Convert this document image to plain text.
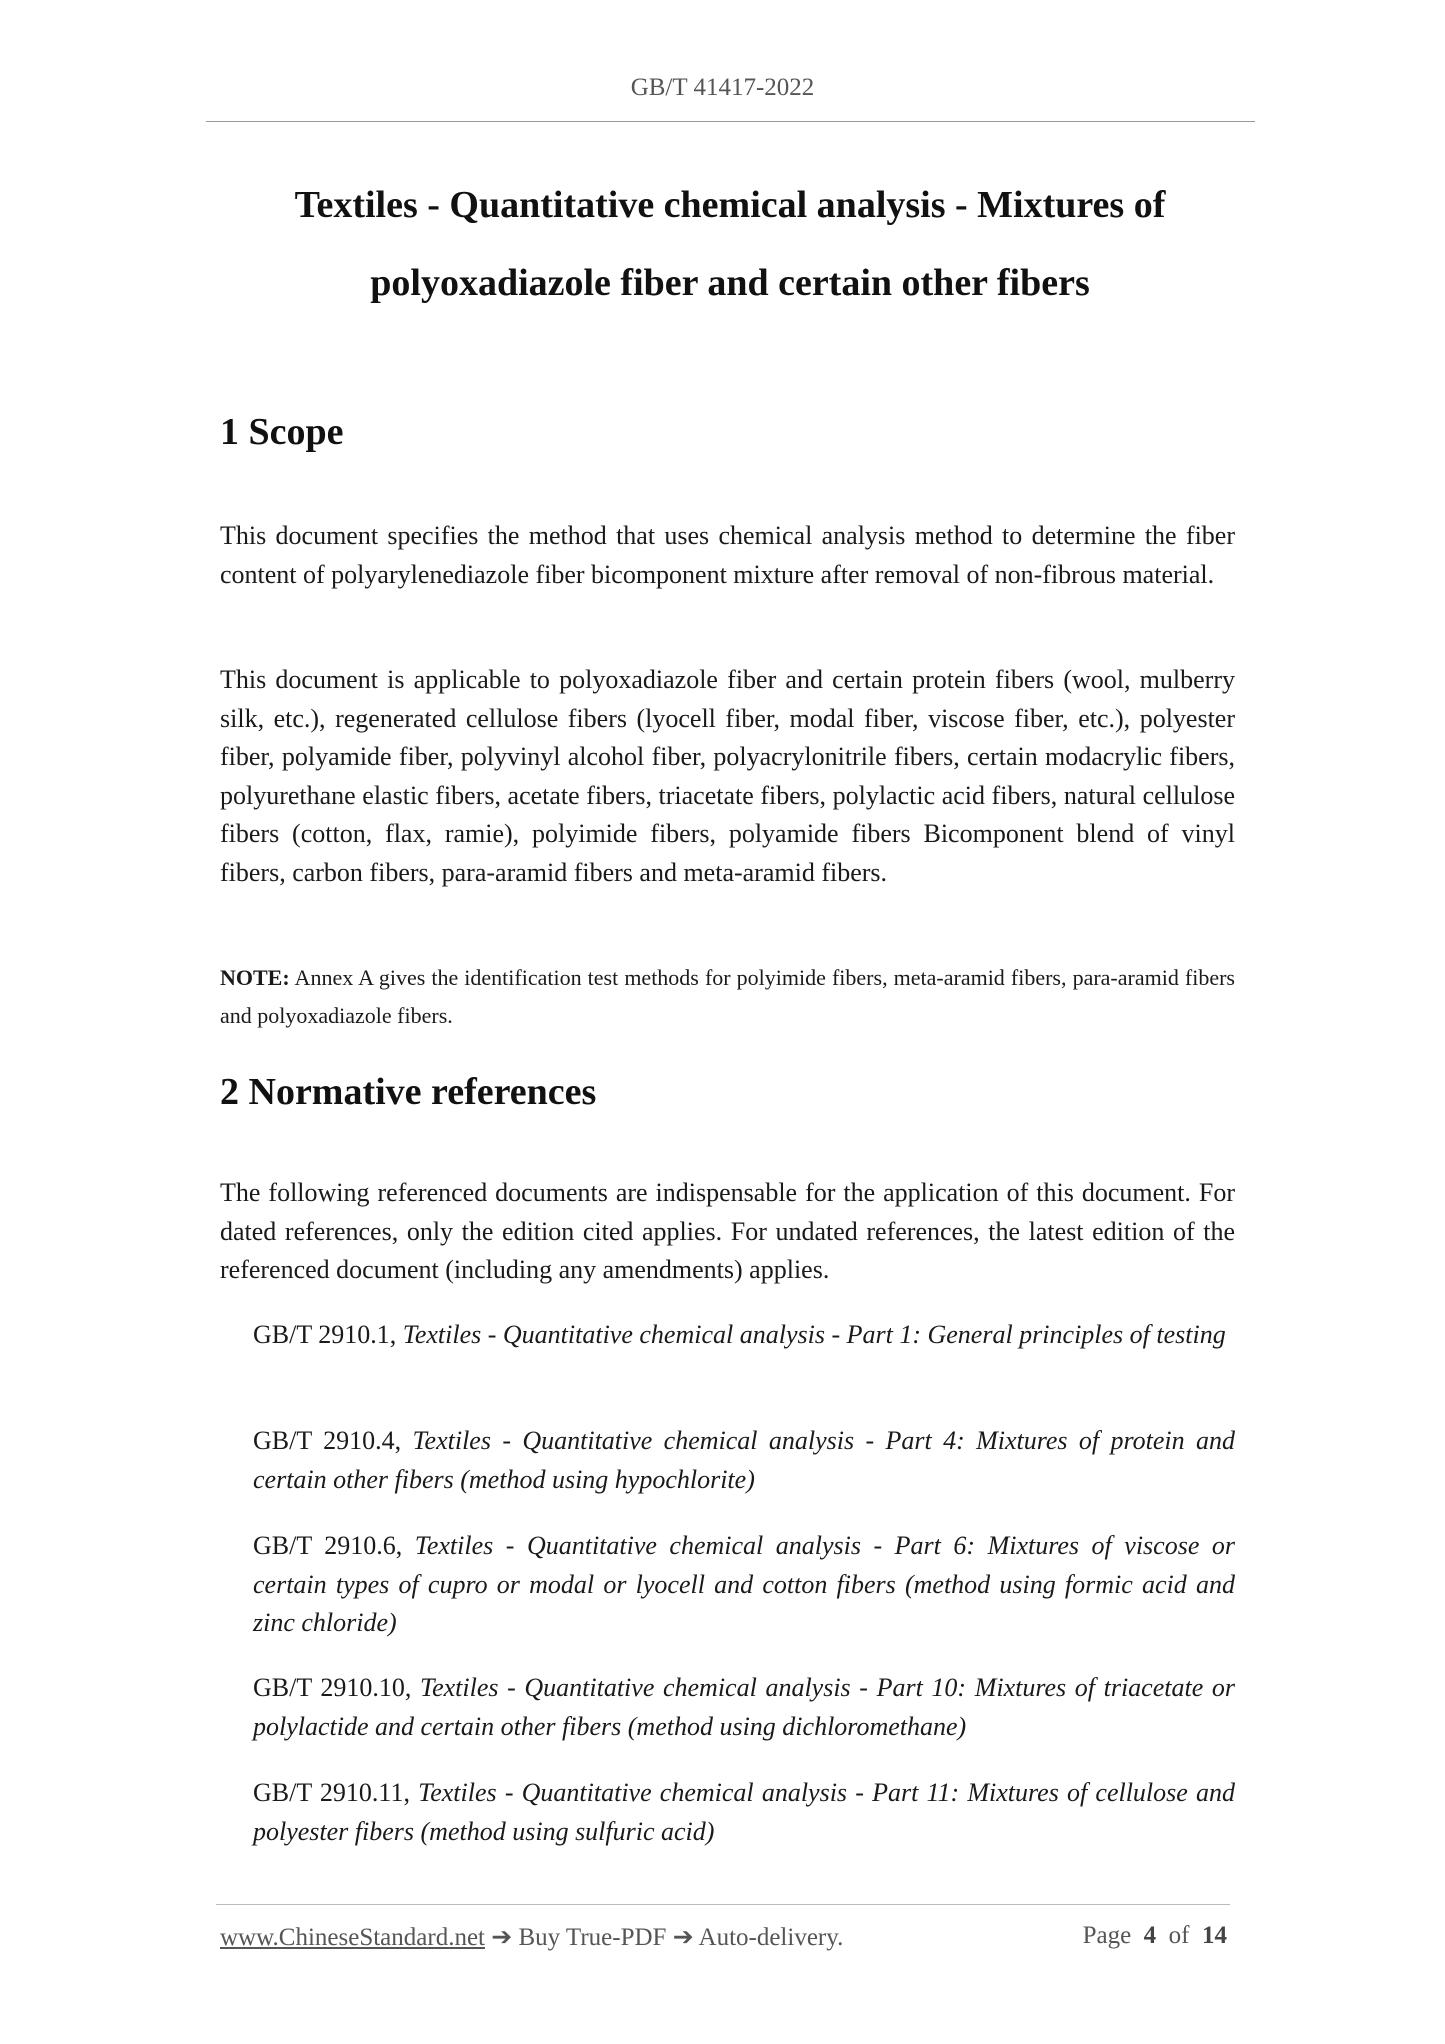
GB/T 41417-2022
Textiles - Quantitative chemical analysis - Mixtures of
polyoxadiazole fiber and certain other fibers
1 Scope

This document specifies the method that uses chemical analysis method to determine the fiber content of polyarylenediazole fiber bicomponent mixture after removal of non-fibrous material.

This document is applicable to polyoxadiazole fiber and certain protein fibers (wool, mulberry silk, etc.), regenerated cellulose fibers (lyocell fiber, modal fiber, viscose fiber, etc.), polyester fiber, polyamide fiber, polyvinyl alcohol fiber, polyacrylonitrile fibers, certain modacrylic fibers, polyurethane elastic fibers, acetate fibers, triacetate fibers, polylactic acid fibers, natural cellulose fibers (cotton, flax, ramie), polyimide fibers, polyamide fibers Bicomponent blend of vinyl fibers, carbon fibers, para-aramid fibers and meta-aramid fibers.

NOTE: Annex A gives the identification test methods for polyimide fibers, meta-aramid fibers, para-aramid fibers and polyoxadiazole fibers.

2 Normative references

The following referenced documents are indispensable for the application of this document. For dated references, only the edition cited applies. For undated references, the latest edition of the referenced document (including any amendments) applies.

GB/T 2910.1, Textiles - Quantitative chemical analysis - Part 1: General principles of testing

GB/T 2910.4, Textiles - Quantitative chemical analysis - Part 4: Mixtures of protein and certain other fibers (method using hypochlorite)

GB/T 2910.6, Textiles - Quantitative chemical analysis - Part 6: Mixtures of viscose or certain types of cupro or modal or lyocell and cotton fibers (method using formic acid and zinc chloride)

GB/T 2910.10, Textiles - Quantitative chemical analysis - Part 10: Mixtures of triacetate or polylactide and certain other fibers (method using dichloromethane)

GB/T 2910.11, Textiles - Quantitative chemical analysis - Part 11: Mixtures of cellulose and polyester fibers (method using sulfuric acid)

www.ChineseStandard.net ➔ Buy True-PDF ➔ Auto-delivery.	Page 4 of 14
